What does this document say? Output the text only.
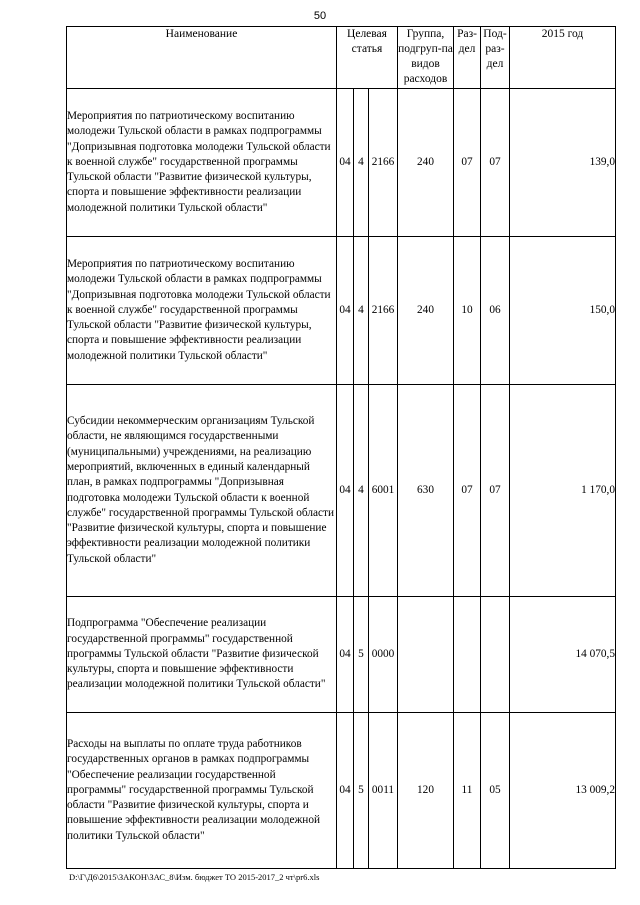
50
Наименование	Целевая статья			Группа, подгруп-па видов расходов	Раз-дел	Под-раз-дел	2015 год
Мероприятия по патриотическому воспитанию молодежи Тульской области в рамках подпрограммы "Допризывная подготовка молодежи Тульской области к военной службе" государственной программы Тульской области "Развитие физической культуры, спорта и повышение эффективности реализации молодежной политики Тульской области"	04	4	2166	240	07	07	139,0
Мероприятия по патриотическому воспитанию молодежи Тульской области в рамках подпрограммы "Допризывная подготовка молодежи Тульской области к военной службе" государственной программы Тульской области "Развитие физической культуры, спорта и повышение эффективности реализации молодежной политики Тульской области"	04	4	2166	240	10	06	150,0
Субсидии некоммерческим организациям Тульской области, не являющимся государственными (муниципальными) учреждениями, на реализацию мероприятий, включенных в единый календарный план, в рамках подпрограммы "Допризывная подготовка молодежи Тульской области к военной службе" государственной программы Тульской области "Развитие физической культуры, спорта и повышение эффективности реализации молодежной политики Тульской области"	04	4	6001	630	07	07	1 170,0
Подпрограмма "Обеспечение реализации государственной программы" государственной программы Тульской области "Развитие физической культуры, спорта и повышение эффективности реализации молодежной политики Тульской области"	04	5	0000				14 070,5
Расходы на выплаты по оплате труда работников государственных органов в рамках подпрограммы "Обеспечение реализации государственной программы" государственной программы Тульской области "Развитие физической культуры, спорта и повышение эффективности реализации молодежной политики Тульской области"	04	5	0011	120	11	05	13 009,2
D:\Г\Д6\2015\ЗАКОН\ЗАС_8\Изм. бюджет ТО 2015-2017_2 чт\pr6.xls
